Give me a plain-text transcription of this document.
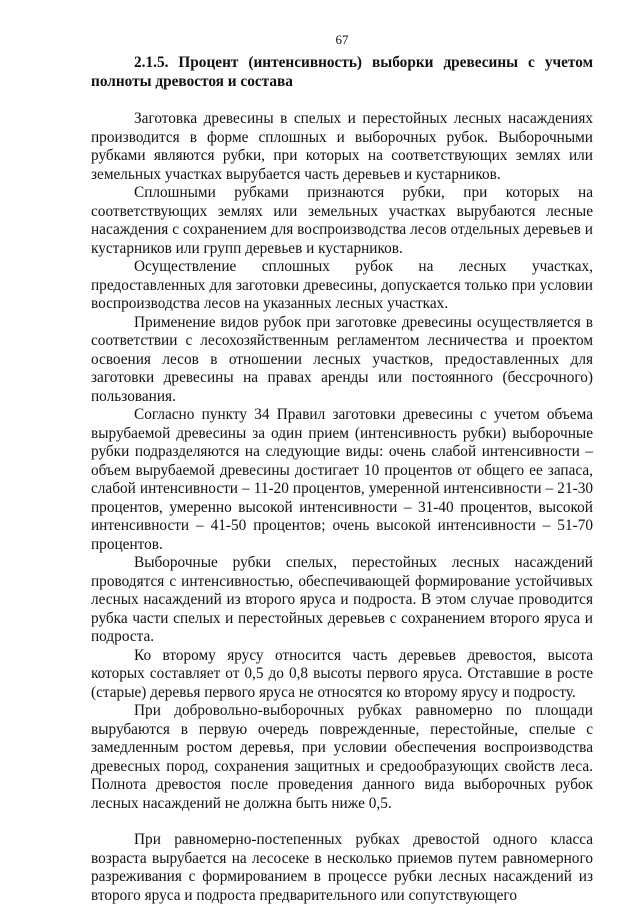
67
2.1.5. Процент (интенсивность) выборки древесины с учетом полноты древостоя и состава

Заготовка древесины в спелых и перестойных лесных насаждениях производится в форме сплошных и выборочных рубок. Выборочными рубками являются рубки, при которых на соответствующих землях или земельных участках вырубается часть деревьев и кустарников.

Сплошными рубками признаются рубки, при которых на соответствующих землях или земельных участках вырубаются лесные насаждения с сохранением для воспроизводства лесов отдельных деревьев и кустарников или групп деревьев и кустарников.

Осуществление сплошных рубок на лесных участках, предоставленных для заготовки древесины, допускается только при условии воспроизводства лесов на указанных лесных участках.

Применение видов рубок при заготовке древесины осуществляется в соответствии с лесохозяйственным регламентом лесничества и проектом освоения лесов в отношении лесных участков, предоставленных для заготовки древесины на правах аренды или постоянного (бессрочного) пользования.

Согласно пункту 34 Правил заготовки древесины с учетом объема вырубаемой древесины за один прием (интенсивность рубки) выборочные рубки подразделяются на следующие виды: очень слабой интенсивности – объем вырубаемой древесины достигает 10 процентов от общего ее запаса, слабой интенсивности – 11-20 процентов, умеренной интенсивности – 21-30 процентов, умеренно высокой интенсивности – 31-40 процентов, высокой интенсивности – 41-50 процентов; очень высокой интенсивности – 51-70 процентов.

Выборочные рубки спелых, перестойных лесных насаждений проводятся с интенсивностью, обеспечивающей формирование устойчивых лесных насаждений из второго яруса и подроста. В этом случае проводится рубка части спелых и перестойных деревьев с сохранением второго яруса и подроста.

Ко второму ярусу относится часть деревьев древостоя, высота которых составляет от 0,5 до 0,8 высоты первого яруса. Отставшие в росте (старые) деревья первого яруса не относятся ко второму ярусу и подросту.

При добровольно-выборочных рубках равномерно по площади вырубаются в первую очередь поврежденные, перестойные, спелые с замедленным ростом деревья, при условии обеспечения воспроизводства древесных пород, сохранения защитных и средообразующих свойств леса. Полнота древостоя после проведения данного вида выборочных рубок лесных насаждений не должна быть ниже 0,5.

При равномерно-постепенных рубках древостой одного класса возраста вырубается на лесосеке в несколько приемов путем равномерного разреживания с формированием в процессе рубки лесных насаждений из второго яруса и подроста предварительного или сопутствующего
